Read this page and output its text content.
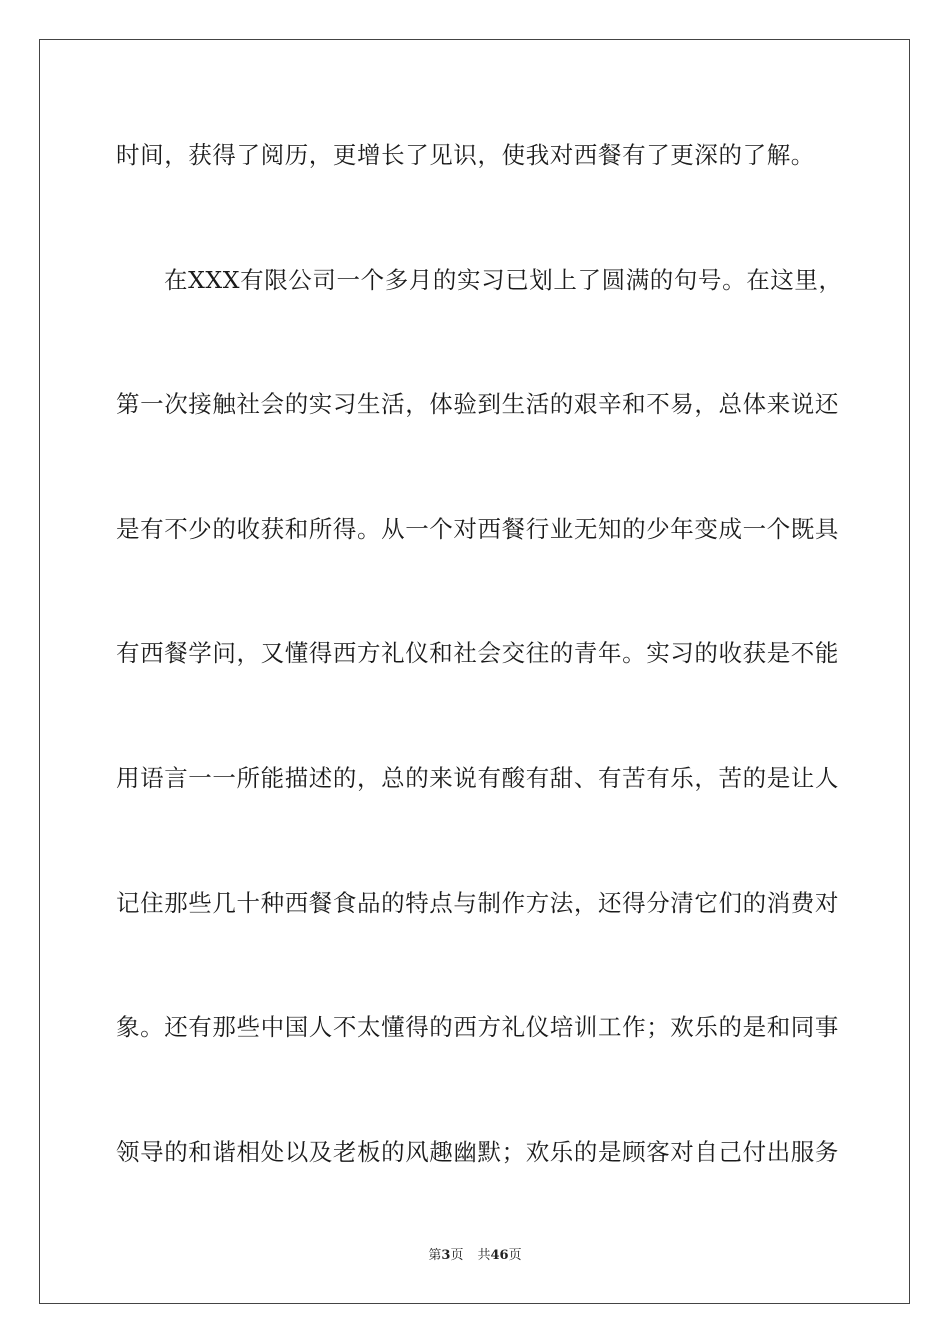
时间，获得了阅历，更增长了见识，使我对西餐有了更深的了解。
在XXX有限公司一个多月的实习已划上了圆满的句号。在这里，
第一次接触社会的实习生活，体验到生活的艰辛和不易，总体来说还
是有不少的收获和所得。从一个对西餐行业无知的少年变成一个既具
有西餐学问，又懂得西方礼仪和社会交往的青年。实习的收获是不能
用语言一一所能描述的，总的来说有酸有甜、有苦有乐，苦的是让人
记住那些几十种西餐食品的特点与制作方法，还得分清它们的消费对
象。还有那些中国人不太懂得的西方礼仪培训工作；欢乐的是和同事
领导的和谐相处以及老板的风趣幽默；欢乐的是顾客对自己付出服务
第3页 共46页
